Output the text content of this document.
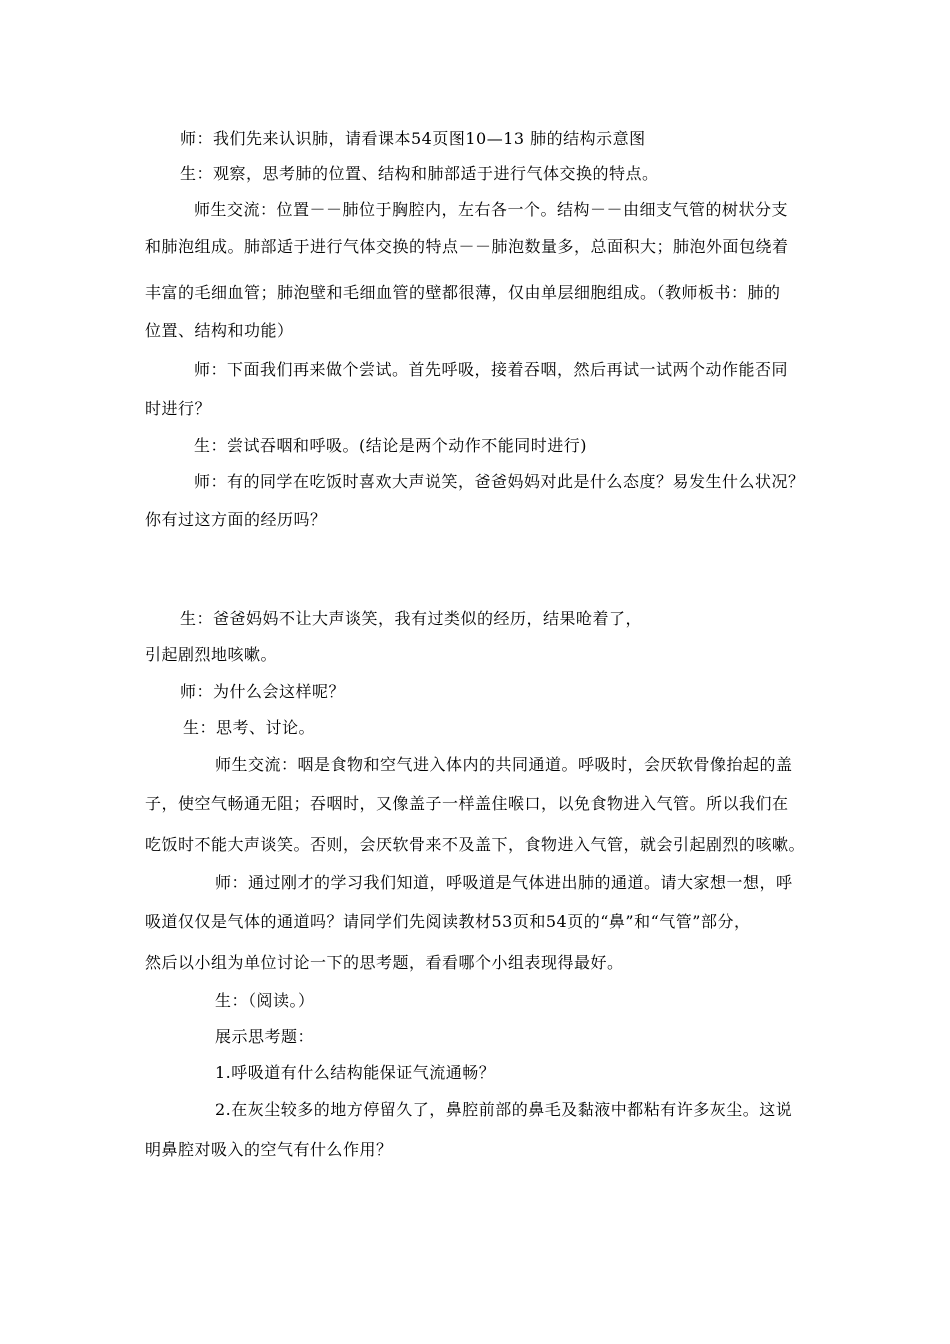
师：我们先来认识肺，请看课本54页图10—13 肺的结构示意图
生：观察，思考肺的位置、结构和肺部适于进行气体交换的特点。
师生交流：位置－－肺位于胸腔内，左右各一个。结构－－由细支气管的树状分支
和肺泡组成。肺部适于进行气体交换的特点－－肺泡数量多，总面积大；肺泡外面包绕着
丰富的毛细血管；肺泡壁和毛细血管的壁都很薄，仅由单层细胞组成。（教师板书：肺的
位置、结构和功能）
师：下面我们再来做个尝试。首先呼吸，接着吞咽，然后再试一试两个动作能否同
时进行？
生：尝试吞咽和呼吸。(结论是两个动作不能同时进行)
师：有的同学在吃饭时喜欢大声说笑，爸爸妈妈对此是什么态度？易发生什么状况？
你有过这方面的经历吗？
生：爸爸妈妈不让大声谈笑，我有过类似的经历，结果呛着了，
引起剧烈地咳嗽。
师：为什么会这样呢？
生：思考、讨论。
师生交流：咽是食物和空气进入体内的共同通道。呼吸时，会厌软骨像抬起的盖
子，使空气畅通无阻；吞咽时，又像盖子一样盖住喉口，以免食物进入气管。所以我们在
吃饭时不能大声谈笑。否则，会厌软骨来不及盖下，食物进入气管，就会引起剧烈的咳嗽。
师：通过刚才的学习我们知道，呼吸道是气体进出肺的通道。请大家想一想，呼
吸道仅仅是气体的通道吗？请同学们先阅读教材53页和54页的“鼻”和“气管”部分，
然后以小组为单位讨论一下的思考题，看看哪个小组表现得最好。
生：（阅读。）
展示思考题：
1.呼吸道有什么结构能保证气流通畅？
2.在灰尘较多的地方停留久了，鼻腔前部的鼻毛及黏液中都粘有许多灰尘。这说
明鼻腔对吸入的空气有什么作用？
